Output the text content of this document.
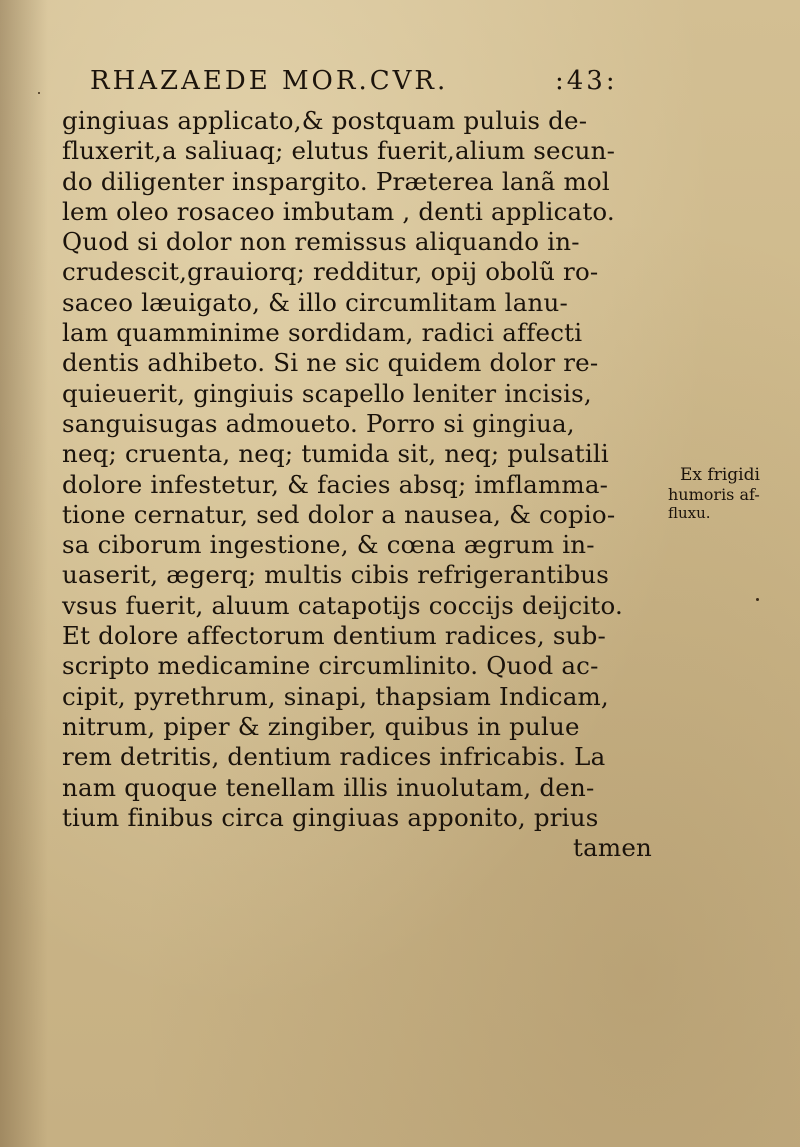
RHAZAEDE MOR.CVR.	:43:
gingiuas applicato,& postquam puluis de-
fluxerit,a saliuaq; elutus fuerit,alium secun-
do diligenter inspargito. Præterea lanã mol
lem oleo rosaceo imbutam , denti applicato.
Quod si dolor non remissus aliquando in-
crudescit,grauiorq; redditur, opij obolũ ro-
saceo læuigato, & illo circumlitam lanu-
lam quamminime sordidam, radici affecti
dentis adhibeto. Si ne sic quidem dolor re-
quieuerit, gingiuis scapello leniter incisis,
sanguisugas admoueto. Porro si gingiua,
neq; cruenta, neq; tumida sit, neq; pulsatili
dolore infestetur, & facies absq; imflamma-
tione cernatur, sed dolor a nausea, & copio-
sa ciborum ingestione, & cœna ægrum in-
uaserit, ægerq; multis cibis refrigerantibus
vsus fuerit, aluum catapotijs coccijs deijcito.
Et dolore affectorum dentium radices, sub-
scripto medicamine circumlinito. Quod ac-
cipit, pyrethrum, sinapi, thapsiam Indicam,
nitrum, piper & zingiber, quibus in pulue
rem detritis, dentium radices infricabis. La
nam quoque tenellam illis inuolutam, den-
tium finibus circa gingiuas apponito, prius
tamen
Ex frigidi
humoris af-
fluxu.
